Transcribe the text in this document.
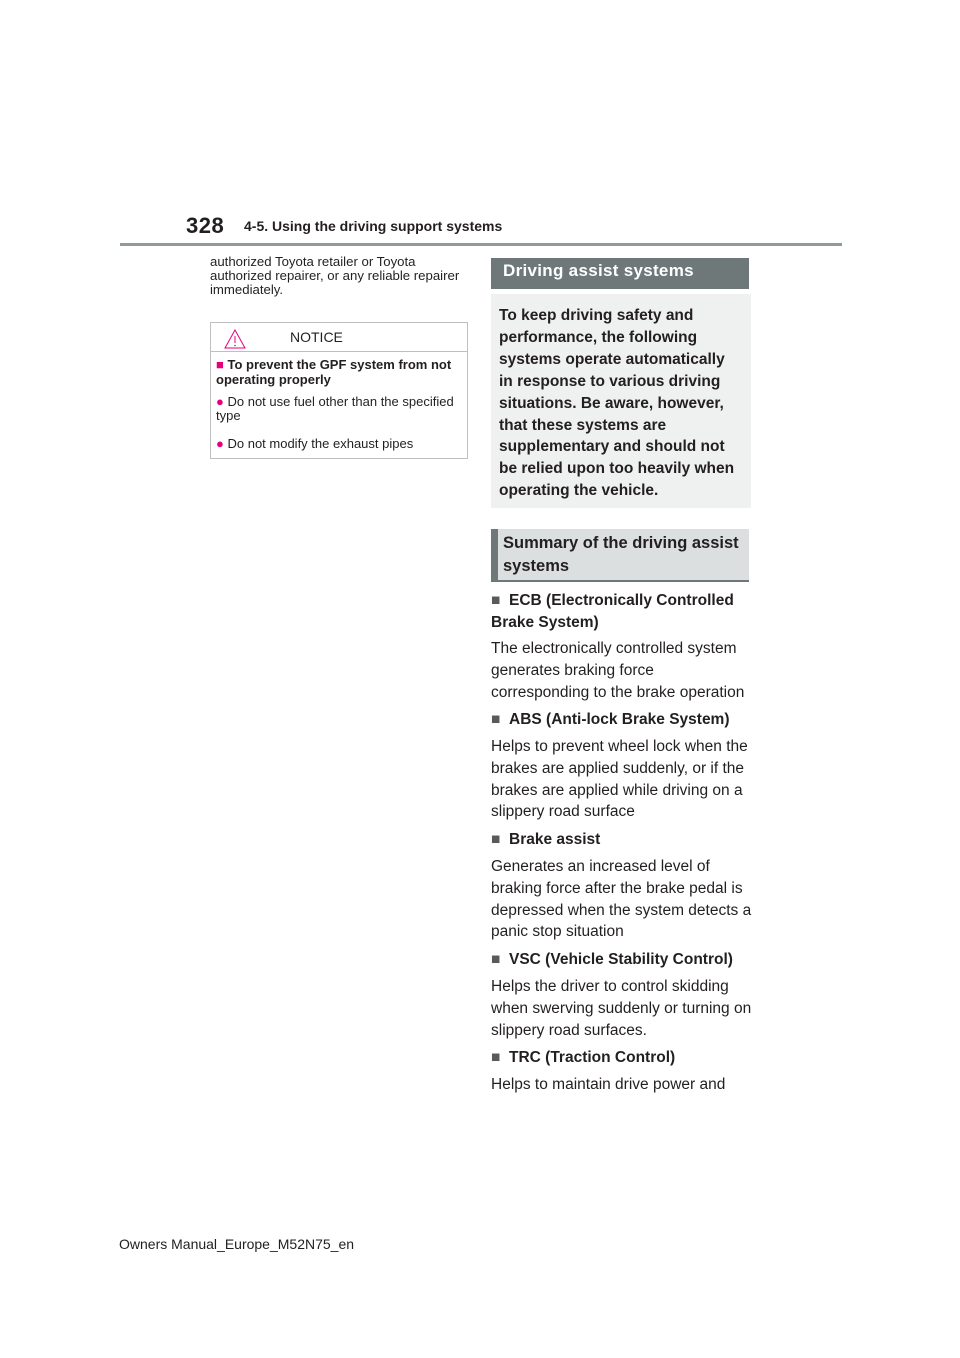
328 4-5. Using the driving support systems
authorized Toyota retailer or Toyota authorized repairer, or any reliable repairer immediately.
NOTICE
■ To prevent the GPF system from not operating properly
● Do not use fuel other than the specified type
● Do not modify the exhaust pipes
Driving assist systems
To keep driving safety and performance, the following systems operate automatically in response to various driving situations. Be aware, however, that these systems are supplementary and should not be relied upon too heavily when operating the vehicle.
Summary of the driving assist systems
■ ECB (Electronically Controlled Brake System)
The electronically controlled system generates braking force corresponding to the brake operation
■ ABS (Anti-lock Brake System)
Helps to prevent wheel lock when the brakes are applied suddenly, or if the brakes are applied while driving on a slippery road surface
■ Brake assist
Generates an increased level of braking force after the brake pedal is depressed when the system detects a panic stop situation
■ VSC (Vehicle Stability Control)
Helps the driver to control skidding when swerving suddenly or turning on slippery road surfaces.
■ TRC (Traction Control)
Helps to maintain drive power and
Owners Manual_Europe_M52N75_en
